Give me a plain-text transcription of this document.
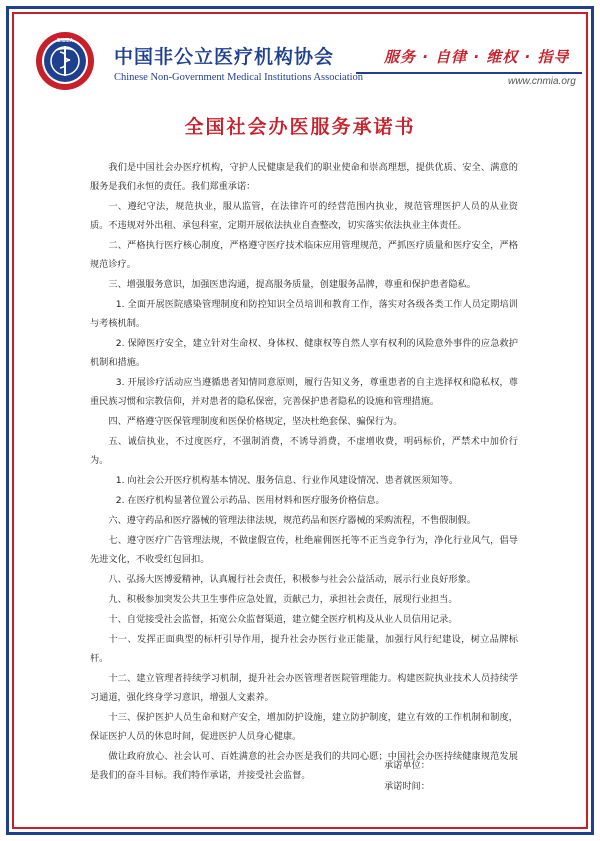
CNMIA
中国非公立医疗机构协会
Chinese Non-Government Medical Institutions Association
服务 · 自律 · 维权 · 指导
www.cnmia.org
全国社会办医服务承诺书

我们是中国社会办医疗机构，守护人民健康是我们的职业使命和崇高理想，提供优质、安全、满意的服务是我们永恒的责任。我们郑重承诺：

一、遵纪守法，规范执业，服从监管，在法律许可的经营范围内执业，规范管理医护人员的从业资质。不违规对外出租、承包科室，定期开展依法执业自查整改，切实落实依法执业主体责任。

二、严格执行医疗核心制度，严格遵守医疗技术临床应用管理规范，严抓医疗质量和医疗安全，严格规范诊疗。

三、增强服务意识，加强医患沟通，提高服务质量，创建服务品牌，尊重和保护患者隐私。

1. 全面开展医院感染管理制度和防控知识全员培训和教育工作，落实对各级各类工作人员定期培训与考核机制。

2. 保障医疗安全，建立针对生命权、身体权、健康权等自然人享有权利的风险意外事件的应急救护机制和措施。

3. 开展诊疗活动应当遵循患者知情同意原则，履行告知义务，尊重患者的自主选择权和隐私权，尊重民族习惯和宗教信仰，并对患者的隐私保密，完善保护患者隐私的设施和管理措施。

四、严格遵守医保管理制度和医保价格规定，坚决杜绝套保、骗保行为。

五、诚信执业，不过度医疗，不强制消费，不诱导消费，不虚增收费，明码标价，严禁术中加价行为。

1. 向社会公开医疗机构基本情况、服务信息、行业作风建设情况、患者就医须知等。

2. 在医疗机构显著位置公示药品、医用材料和医疗服务价格信息。

六、遵守药品和医疗器械的管理法律法规，规范药品和医疗器械的采购流程，不售假制假。

七、遵守医疗广告管理法规，不做虚假宣传，杜绝雇佣医托等不正当竞争行为，净化行业风气，倡导先进文化，不收受红包回扣。

八、弘扬大医博爱精神，认真履行社会责任，积极参与社会公益活动，展示行业良好形象。

九、积极参加突发公共卫生事件应急处置，贡献己力，承担社会责任，展现行业担当。

十、自觉接受社会监督，拓宽公众监督渠道，建立健全医疗机构及从业人员信用记录。

十一、发挥正面典型的标杆引导作用，提升社会办医行业正能量，加强行风行纪建设，树立品牌标杆。

十二、建立管理者持续学习机制，提升社会办医管理者医院管理能力。构建医院执业技术人员持续学习通道，强化终身学习意识，增强人文素养。

十三、保护医护人员生命和财产安全，增加防护设施，建立防护制度，建立有效的工作机制和制度，保证医护人员的休息时间，促进医护人员身心健康。

做让政府放心、社会认可、百姓满意的社会办医是我们的共同心愿；中国社会办医持续健康规范发展是我们的奋斗目标。我们特作承诺，并接受社会监督。

承诺单位：
承诺时间：
